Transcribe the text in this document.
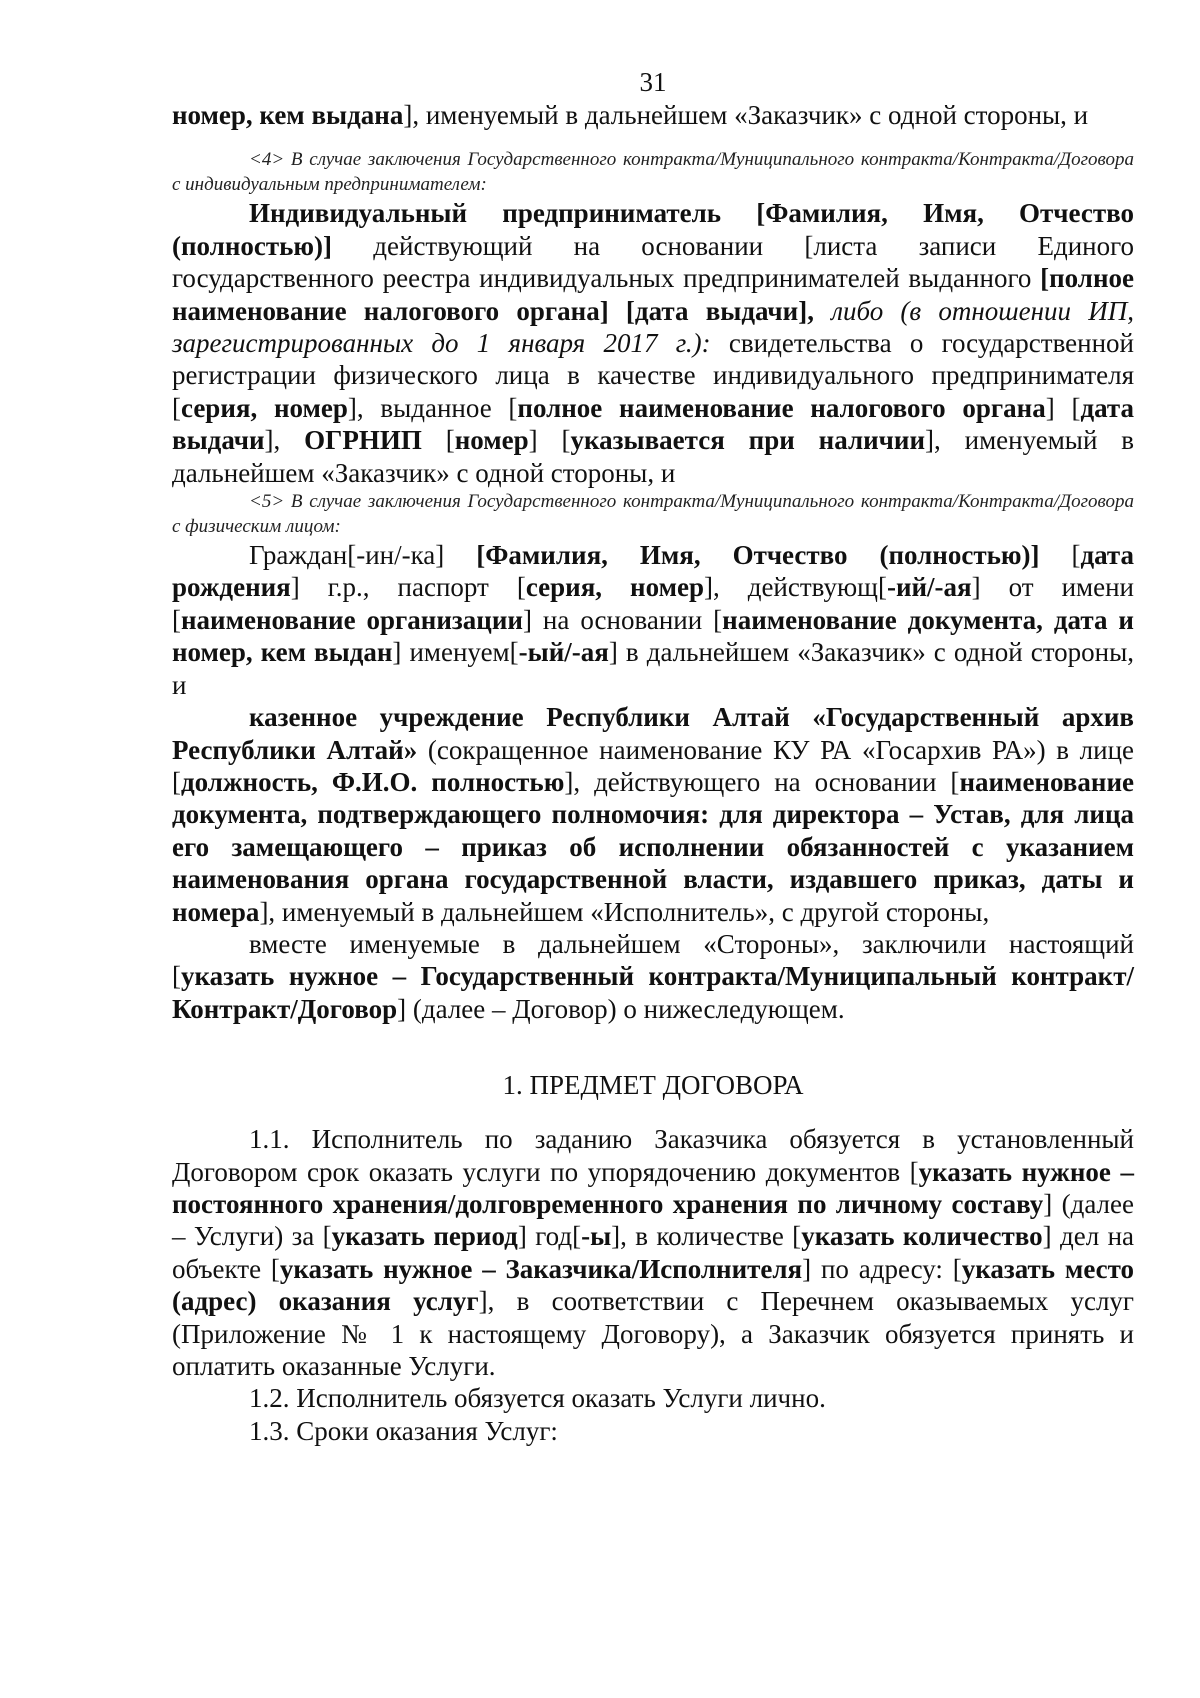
31

номер, кем выдана], именуемый в дальнейшем «Заказчик» с одной стороны, и

<4> В случае заключения Государственного контракта/Муниципального контракта/Контракта/Договора с индивидуальным предпринимателем:

Индивидуальный предприниматель [Фамилия, Имя, Отчество (полностью)] действующий на основании [листа записи Единого государственного реестра индивидуальных предпринимателей выданного [полное наименование налогового органа] [дата выдачи], либо (в отношении ИП, зарегистрированных до 1 января 2017 г.): свидетельства о государственной регистрации физического лица в качестве индивидуального предпринимателя [серия, номер], выданное [полное наименование налогового органа] [дата выдачи], ОГРНИП [номер] [указывается при наличии], именуемый в дальнейшем «Заказчик» с одной стороны, и

<5> В случае заключения Государственного контракта/Муниципального контракта/Контракта/Договора с физическим лицом:

Граждан[-ин/-ка] [Фамилия, Имя, Отчество (полностью)] [дата рождения] г.р., паспорт [серия, номер], действующ[-ий/-ая] от имени [наименование организации] на основании [наименование документа, дата и номер, кем выдан] именуем[-ый/-ая] в дальнейшем «Заказчик» с одной стороны, и

казенное учреждение Республики Алтай «Государственный архив Республики Алтай» (сокращенное наименование КУ РА «Госархив РА») в лице [должность, Ф.И.О. полностью], действующего на основании [наименование документа, подтверждающего полномочия: для директора – Устав, для лица его замещающего – приказ об исполнении обязанностей с указанием наименования органа государственной власти, издавшего приказ, даты и номера], именуемый в дальнейшем «Исполнитель», с другой стороны,

вместе именуемые в дальнейшем «Стороны», заключили настоящий [указать нужное – Государственный контракта/Муниципальный контракт/Контракт/Договор] (далее – Договор) о нижеследующем.

1. ПРЕДМЕТ ДОГОВОРА

1.1. Исполнитель по заданию Заказчика обязуется в установленный Договором срок оказать услуги по упорядочению документов [указать нужное – постоянного хранения/долговременного хранения по личному составу] (далее – Услуги) за [указать период] год[-ы], в количестве [указать количество] дел на объекте [указать нужное – Заказчика/Исполнителя] по адресу: [указать место (адрес) оказания услуг], в соответствии с Перечнем оказываемых услуг (Приложение № 1 к настоящему Договору), а Заказчик обязуется принять и оплатить оказанные Услуги.

1.2. Исполнитель обязуется оказать Услуги лично.

1.3. Сроки оказания Услуг:
